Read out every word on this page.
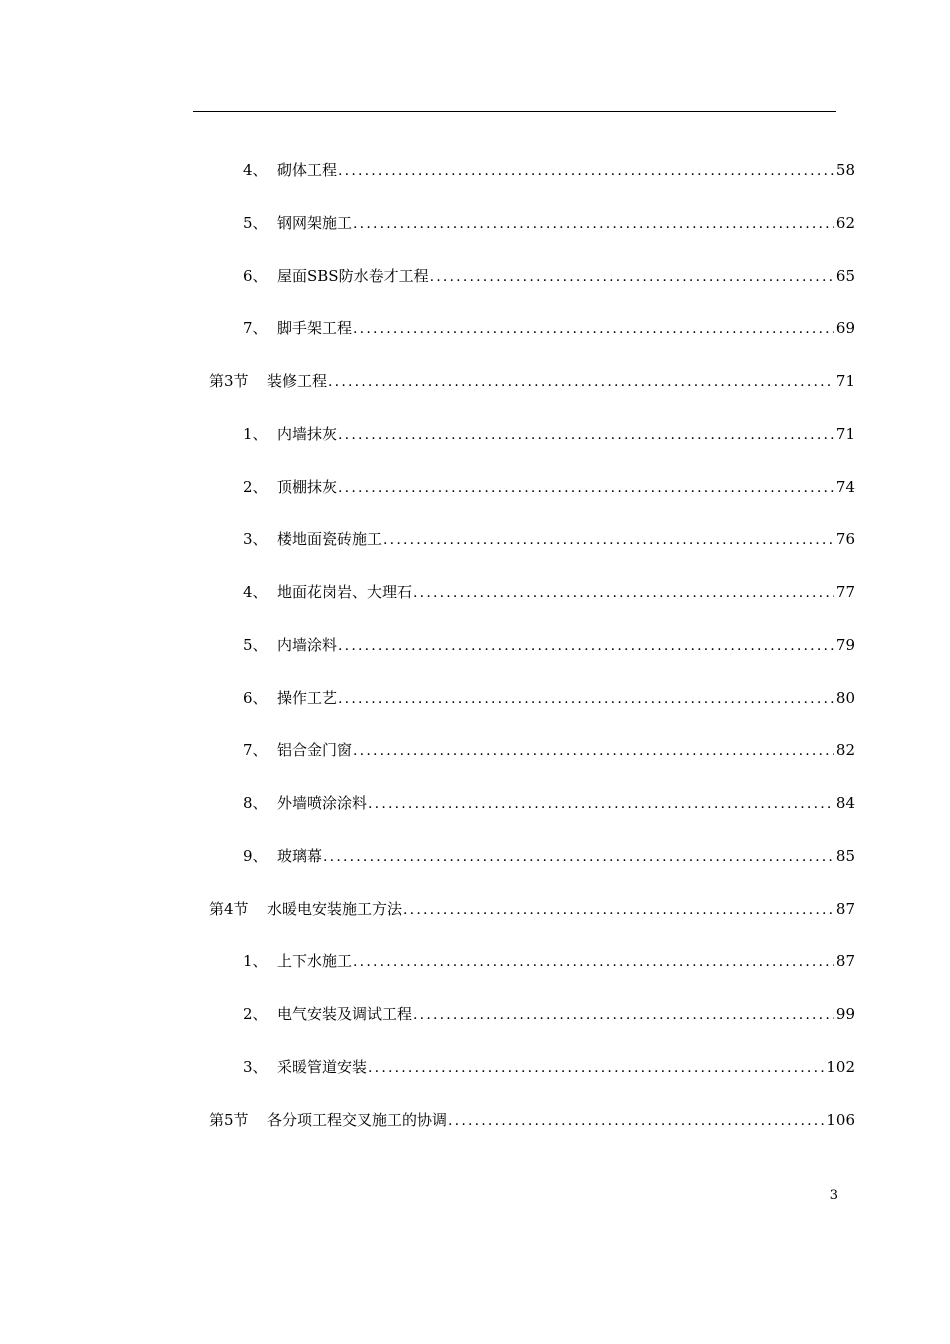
4、 砌体工程 .....	58
5、 钢网架施工 .....	62
6、 屋面SBS防水卷才工程 .....	65
7、 脚手架工程 .....	69
第3节	装修工程 .....	71
1、 内墙抹灰 .....	71
2、 顶棚抹灰 .....	74
3、 楼地面瓷砖施工 .....	76
4、 地面花岗岩、大理石 .....	77
5、 内墙涂料 .....	79
6、 操作工艺 .....	80
7、 铝合金门窗 .....	82
8、 外墙喷涂涂料 .....	84
9、 玻璃幕 .....	85
第4节	水暖电安装施工方法 .....	87
1、 上下水施工 .....	87
2、 电气安装及调试工程 .....	99
3、 采暖管道安装 .....	102
第5节	各分项工程交叉施工的协调 .....	106
3
